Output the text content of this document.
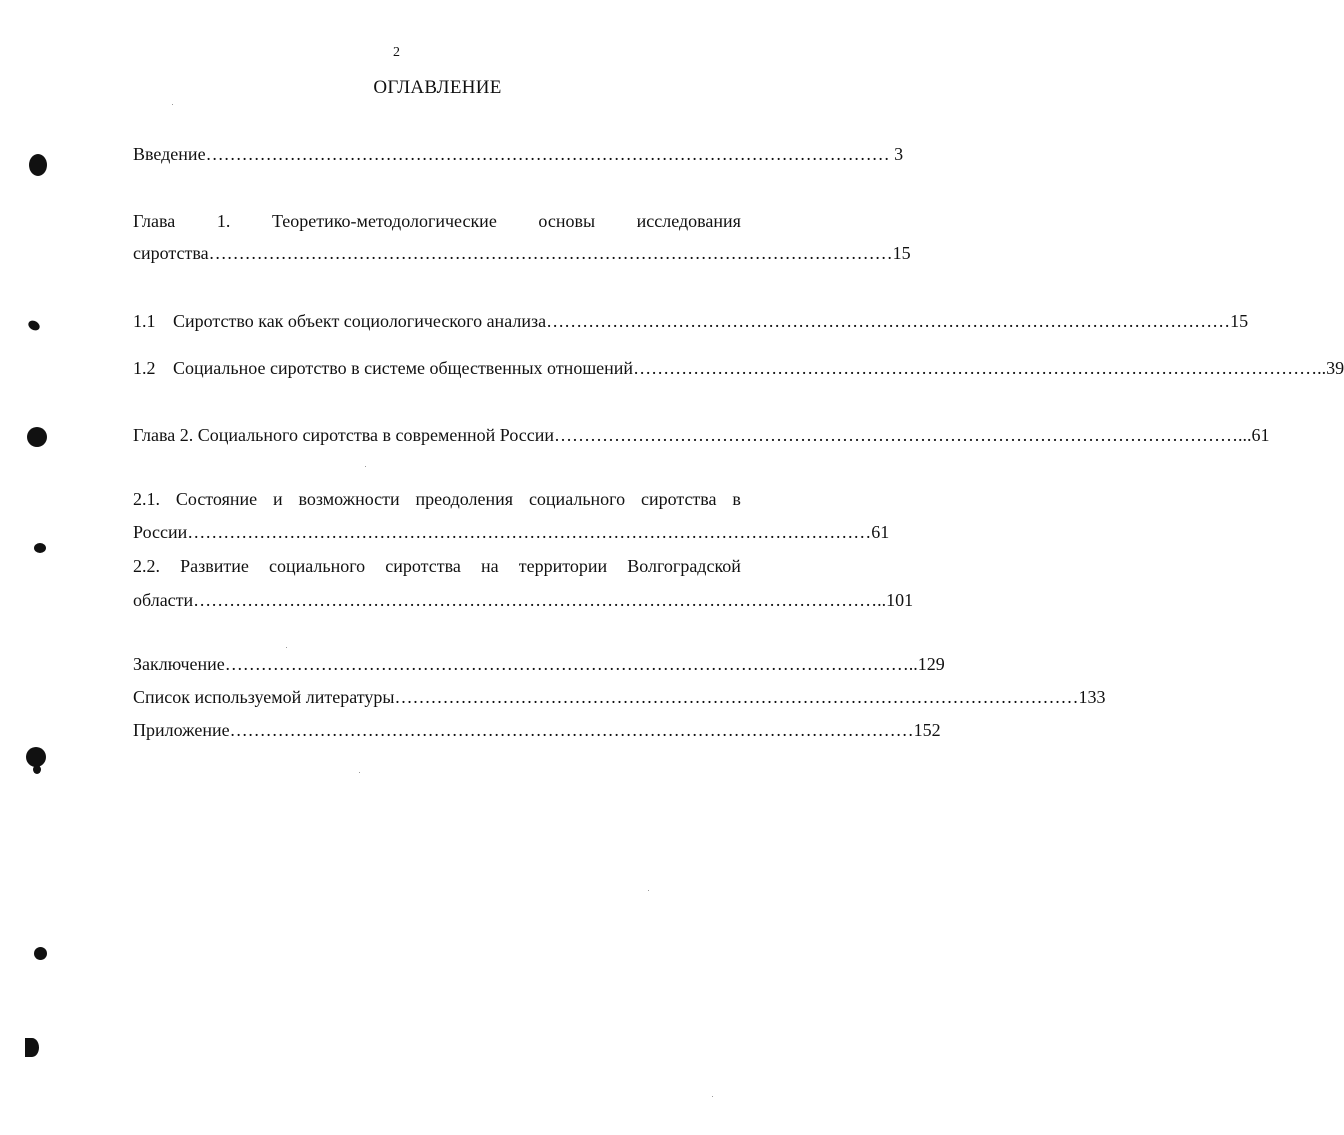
2
ОГЛАВЛЕНИЕ
Введение …………………………………………………………………………………………………… 3
Глава 1. Теоретико-методологические основы исследования
сиротства …………………………………………………………………………………………………… 15
1.1 Сиротство как объект социологического анализа …………………………………………………………………………………………………… 15
1.2 Социальное сиротство в системе общественных отношений …………………………………………………………………………………………………… ..39
Глава 2. Социального сиротства в современной России …………………………………………………………………………………………………… ...61
2.1. Состояние и возможности преодоления социального сиротства в
России …………………………………………………………………………………………………… 61
2.2. Развитие социального сиротства на территории Волгоградской
области …………………………………………………………………………………………………… ..101
Заключение …………………………………………………………………………………………………… ..129
Список используемой литературы …………………………………………………………………………………………………… 133
Приложение …………………………………………………………………………………………………… 152
